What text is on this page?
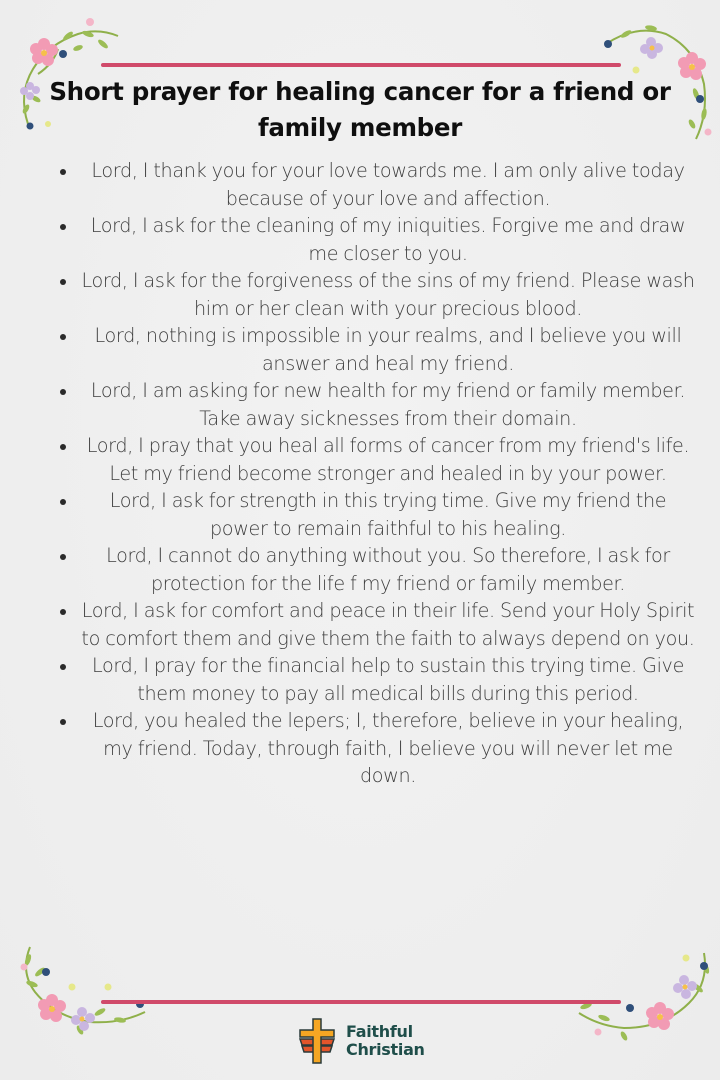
Short prayer for healing cancer for a friend or family member
Lord, I thank you for your love towards me. I am only alive today because of your love and affection.
Lord, I ask for the cleaning of my iniquities. Forgive me and draw me closer to you.
Lord, I ask for the forgiveness of the sins of my friend. Please wash him or her clean with your precious blood.
Lord, nothing is impossible in your realms, and I believe you will answer and heal my friend.
Lord, I am asking for new health for my friend or family member. Take away sicknesses from their domain.
Lord, I pray that you heal all forms of cancer from my friend's life. Let my friend become stronger and healed in by your power.
Lord, I ask for strength in this trying time. Give my friend the power to remain faithful to his healing.
Lord, I cannot do anything without you. So therefore, I ask for protection for the life f my friend or family member.
Lord, I ask for comfort and peace in their life. Send your Holy Spirit to comfort them and give them the faith to always depend on you.
Lord, I pray for the financial help to sustain this trying time. Give them money to pay all medical bills during this period.
Lord, you healed the lepers; I, therefore, believe in your healing, my friend. Today, through faith, I believe you will never let me down.
Faithful
Christian
